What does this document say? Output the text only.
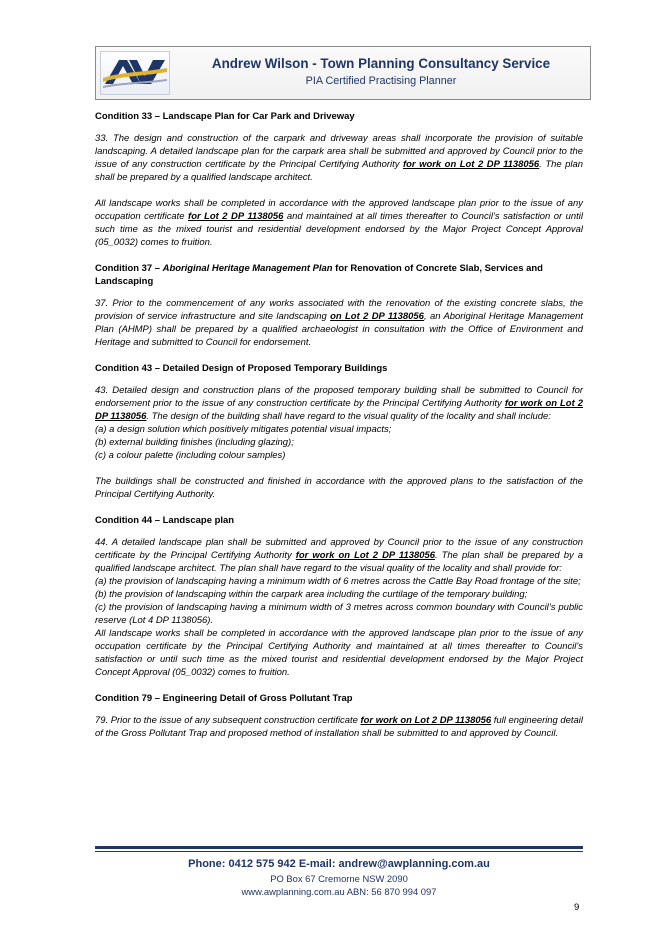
Andrew Wilson - Town Planning Consultancy Service
PIA Certified Practising Planner
Condition 33 – Landscape Plan for Car Park and Driveway

33. The design and construction of the carpark and driveway areas shall incorporate the provision of suitable landscaping. A detailed landscape plan for the carpark area shall be submitted and approved by Council prior to the issue of any construction certificate by the Principal Certifying Authority for work on Lot 2 DP 1138056. The plan shall be prepared by a qualified landscape architect.

All landscape works shall be completed in accordance with the approved landscape plan prior to the issue of any occupation certificate for Lot 2 DP 1138056 and maintained at all times thereafter to Council’s satisfaction or until such time as the mixed tourist and residential development endorsed by the Major Project Concept Approval (05_0032) comes to fruition.

Condition 37 – Aboriginal Heritage Management Plan for Renovation of Concrete Slab, Services and Landscaping

37. Prior to the commencement of any works associated with the renovation of the existing concrete slabs, the provision of service infrastructure and site landscaping on Lot 2 DP 1138056, an Aboriginal Heritage Management Plan (AHMP) shall be prepared by a qualified archaeologist in consultation with the Office of Environment and Heritage and submitted to Council for endorsement.

Condition 43 – Detailed Design of Proposed Temporary Buildings

43. Detailed design and construction plans of the proposed temporary building shall be submitted to Council for endorsement prior to the issue of any construction certificate by the Principal Certifying Authority for work on Lot 2 DP 1138056. The design of the building shall have regard to the visual quality of the locality and shall include:

(a) a design solution which positively mitigates potential visual impacts;

(b) external building finishes (including glazing);

(c) a colour palette (including colour samples)

The buildings shall be constructed and finished in accordance with the approved plans to the satisfaction of the Principal Certifying Authority.

Condition 44 – Landscape plan

44. A detailed landscape plan shall be submitted and approved by Council prior to the issue of any construction certificate by the Principal Certifying Authority for work on Lot 2 DP 1138056. The plan shall be prepared by a qualified landscape architect. The plan shall have regard to the visual quality of the locality and shall provide for:

(a) the provision of landscaping having a minimum width of 6 metres across the Cattle Bay Road frontage of the site;

(b) the provision of landscaping within the carpark area including the curtilage of the temporary building;

(c) the provision of landscaping having a minimum width of 3 metres across common boundary with Council’s public reserve (Lot 4 DP 1138056).

All landscape works shall be completed in accordance with the approved landscape plan prior to the issue of any occupation certificate by the Principal Certifying Authority and maintained at all times thereafter to Council’s satisfaction or until such time as the mixed tourist and residential development endorsed by the Major Project Concept Approval (05_0032) comes to fruition.

Condition 79 – Engineering Detail of Gross Pollutant Trap

79. Prior to the issue of any subsequent construction certificate for work on Lot 2 DP 1138056 full engineering detail of the Gross Pollutant Trap and proposed method of installation shall be submitted to and approved by Council.

Phone: 0412 575 942 E-mail: andrew@awplanning.com.au
PO Box 67 Cremorne NSW 2090
www.awplanning.com.au ABN: 56 870 994 097
9
